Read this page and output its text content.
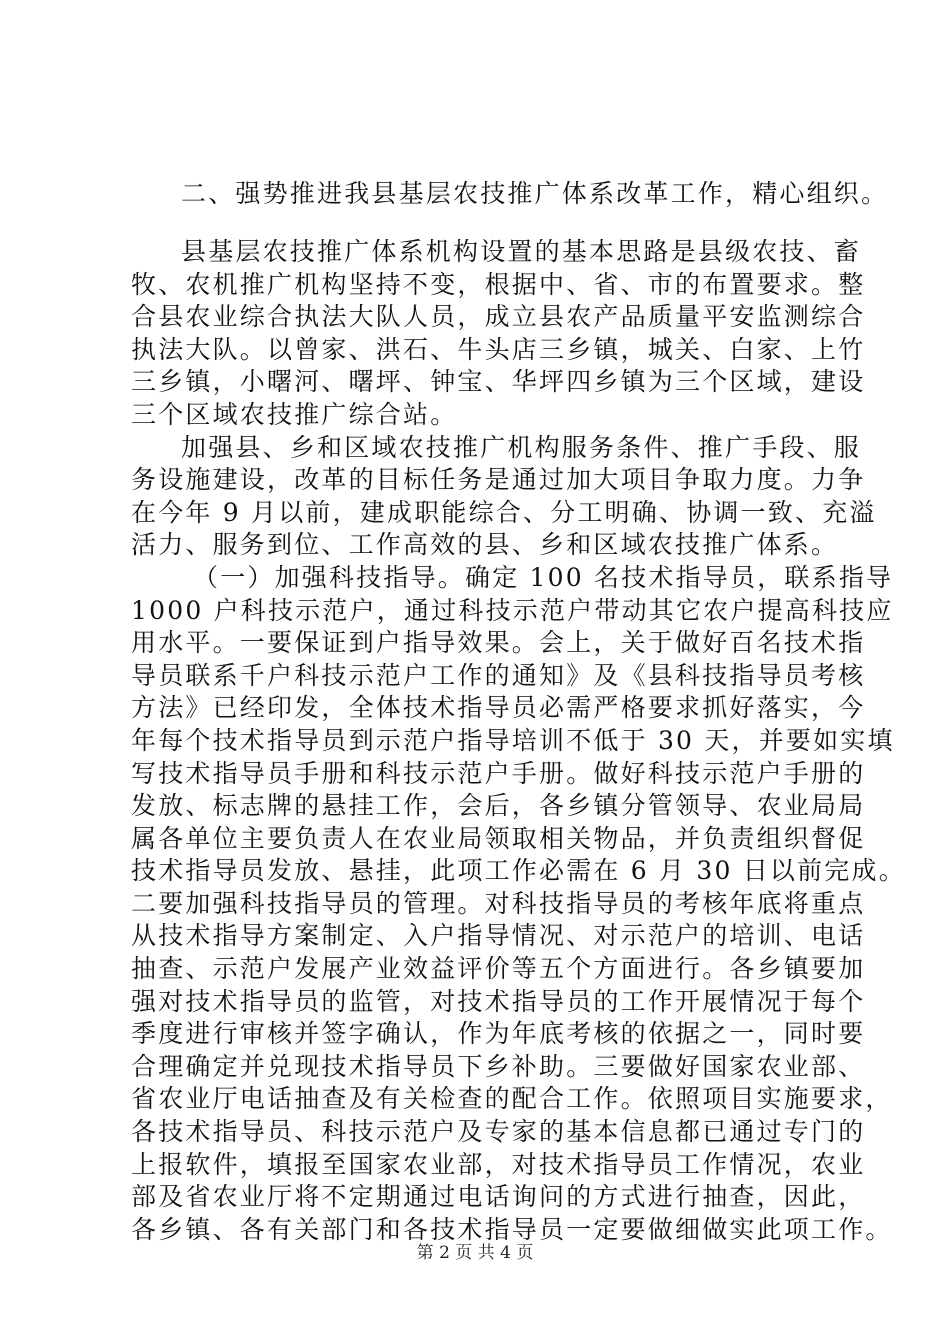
二、强势推进我县基层农技推广体系改革工作，精心组织。
县基层农技推广体系机构设置的基本思路是县级农技、畜
牧、农机推广机构坚持不变，根据中、省、市的布置要求。整
合县农业综合执法大队人员，成立县农产品质量平安监测综合
执法大队。以曾家、洪石、牛头店三乡镇，城关、白家、上竹
三乡镇，小曙河、曙坪、钟宝、华坪四乡镇为三个区域，建设
三个区域农技推广综合站。
加强县、乡和区域农技推广机构服务条件、推广手段、服
务设施建设，改革的目标任务是通过加大项目争取力度。力争
在今年 9 月以前，建成职能综合、分工明确、协调一致、充溢
活力、服务到位、工作高效的县、乡和区域农技推广体系。
（一）加强科技指导。确定 100 名技术指导员，联系指导
1000 户科技示范户，通过科技示范户带动其它农户提高科技应
用水平。一要保证到户指导效果。会上，关于做好百名技术指
导员联系千户科技示范户工作的通知》及《县科技指导员考核
方法》已经印发，全体技术指导员必需严格要求抓好落实，今
年每个技术指导员到示范户指导培训不低于 30 天，并要如实填
写技术指导员手册和科技示范户手册。做好科技示范户手册的
发放、标志牌的悬挂工作，会后，各乡镇分管领导、农业局局
属各单位主要负责人在农业局领取相关物品，并负责组织督促
技术指导员发放、悬挂，此项工作必需在 6 月 30 日以前完成。
二要加强科技指导员的管理。对科技指导员的考核年底将重点
从技术指导方案制定、入户指导情况、对示范户的培训、电话
抽查、示范户发展产业效益评价等五个方面进行。各乡镇要加
强对技术指导员的监管，对技术指导员的工作开展情况于每个
季度进行审核并签字确认，作为年底考核的依据之一，同时要
合理确定并兑现技术指导员下乡补助。三要做好国家农业部、
省农业厅电话抽查及有关检查的配合工作。依照项目实施要求，
各技术指导员、科技示范户及专家的基本信息都已通过专门的
上报软件，填报至国家农业部，对技术指导员工作情况，农业
部及省农业厅将不定期通过电话询问的方式进行抽查，因此，
各乡镇、各有关部门和各技术指导员一定要做细做实此项工作。
第 2 页 共 4 页
